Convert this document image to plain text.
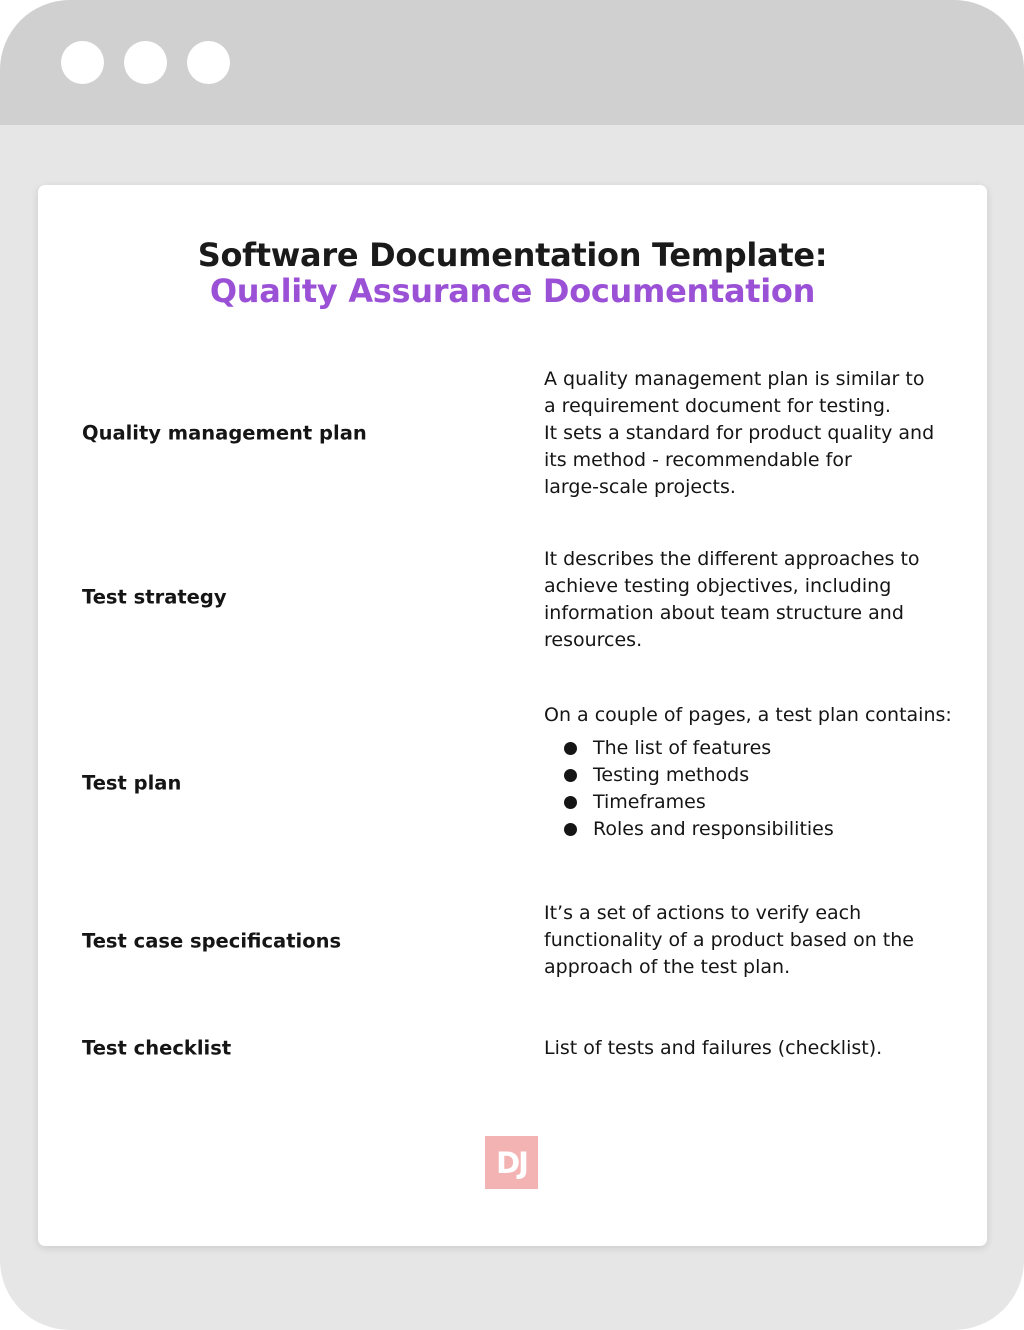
Software Documentation Template:
Quality Assurance Documentation
Quality management plan

A quality management plan is similar to

a requirement document for testing.

It sets a standard for product quality and

its method - recommendable for

large-scale projects.

Test strategy

It describes the different approaches to

achieve testing objectives, including

information about team structure and

resources.

Test plan

On a couple of pages, a test plan contains:

The list of features
Testing methods
Timeframes
Roles and responsibilities
Test case specifications

It’s a set of actions to verify each

functionality of a product based on the

approach of the test plan.

Test checklist	List of tests and failures (checklist).

DJ
